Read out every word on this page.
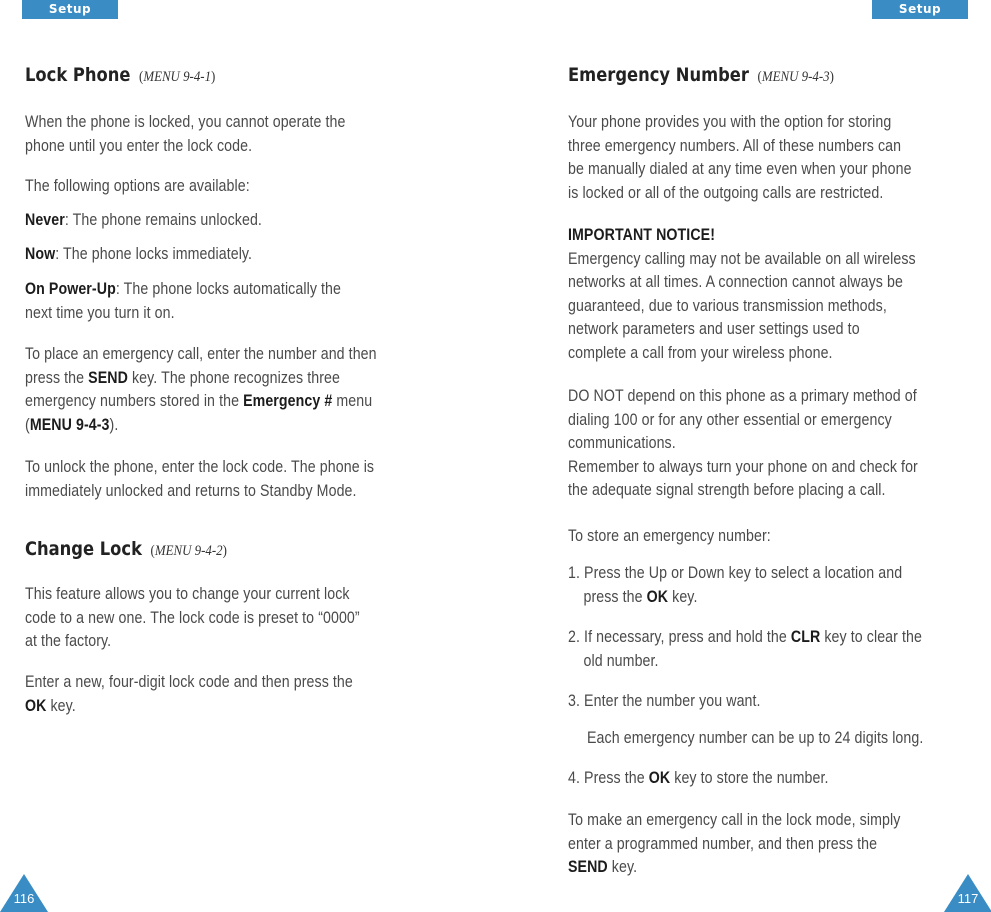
Setup	Setup
Lock Phone (MENU 9-4-1)

When the phone is locked, you cannot operate the
phone until you enter the lock code.

The following options are available:

Never: The phone remains unlocked.

Now: The phone locks immediately.

On Power-Up: The phone locks automatically the
next time you turn it on.

To place an emergency call, enter the number and then
press the SEND key. The phone recognizes three
emergency numbers stored in the Emergency # menu
(MENU 9-4-3).

To unlock the phone, enter the lock code. The phone is
immediately unlocked and returns to Standby Mode.

Change Lock (MENU 9-4-2)

This feature allows you to change your current lock
code to a new one. The lock code is preset to “0000”
at the factory.

Enter a new, four-digit lock code and then press the
OK key.

Emergency Number (MENU 9-4-3)

Your phone provides you with the option for storing
three emergency numbers. All of these numbers can
be manually dialed at any time even when your phone
is locked or all of the outgoing calls are restricted.

IMPORTANT NOTICE!
Emergency calling may not be available on all wireless
networks at all times. A connection cannot always be
guaranteed, due to various transmission methods,
network parameters and user settings used to
complete a call from your wireless phone.

DO NOT depend on this phone as a primary method of
dialing 100 or for any other essential or emergency
communications.
Remember to always turn your phone on and check for
the adequate signal strength before placing a call.

To store an emergency number:

1. Press the Up or Down key to select a location and
press the OK key.

2. If necessary, press and hold the CLR key to clear the
old number.

3. Enter the number you want.

Each emergency number can be up to 24 digits long.

4. Press the OK key to store the number.

To make an emergency call in the lock mode, simply
enter a programmed number, and then press the
SEND key.

116	117
